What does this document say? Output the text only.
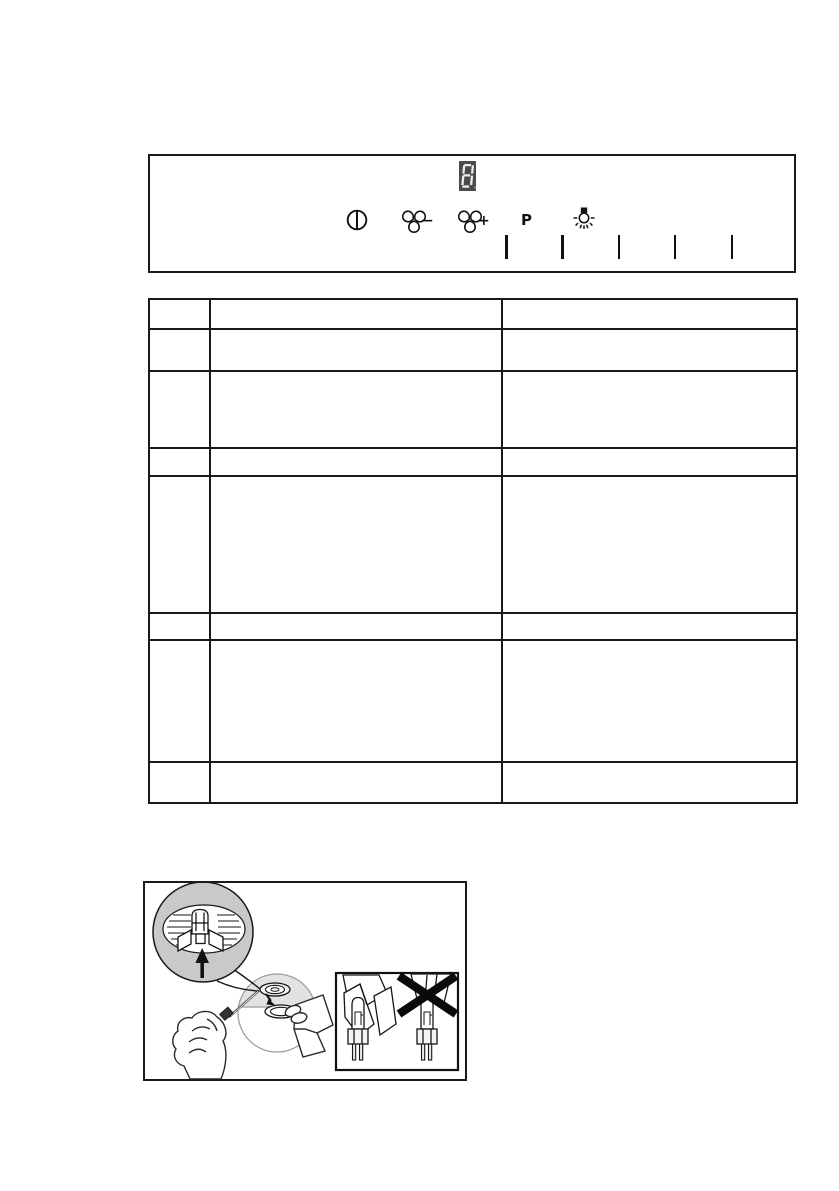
−	+ P
